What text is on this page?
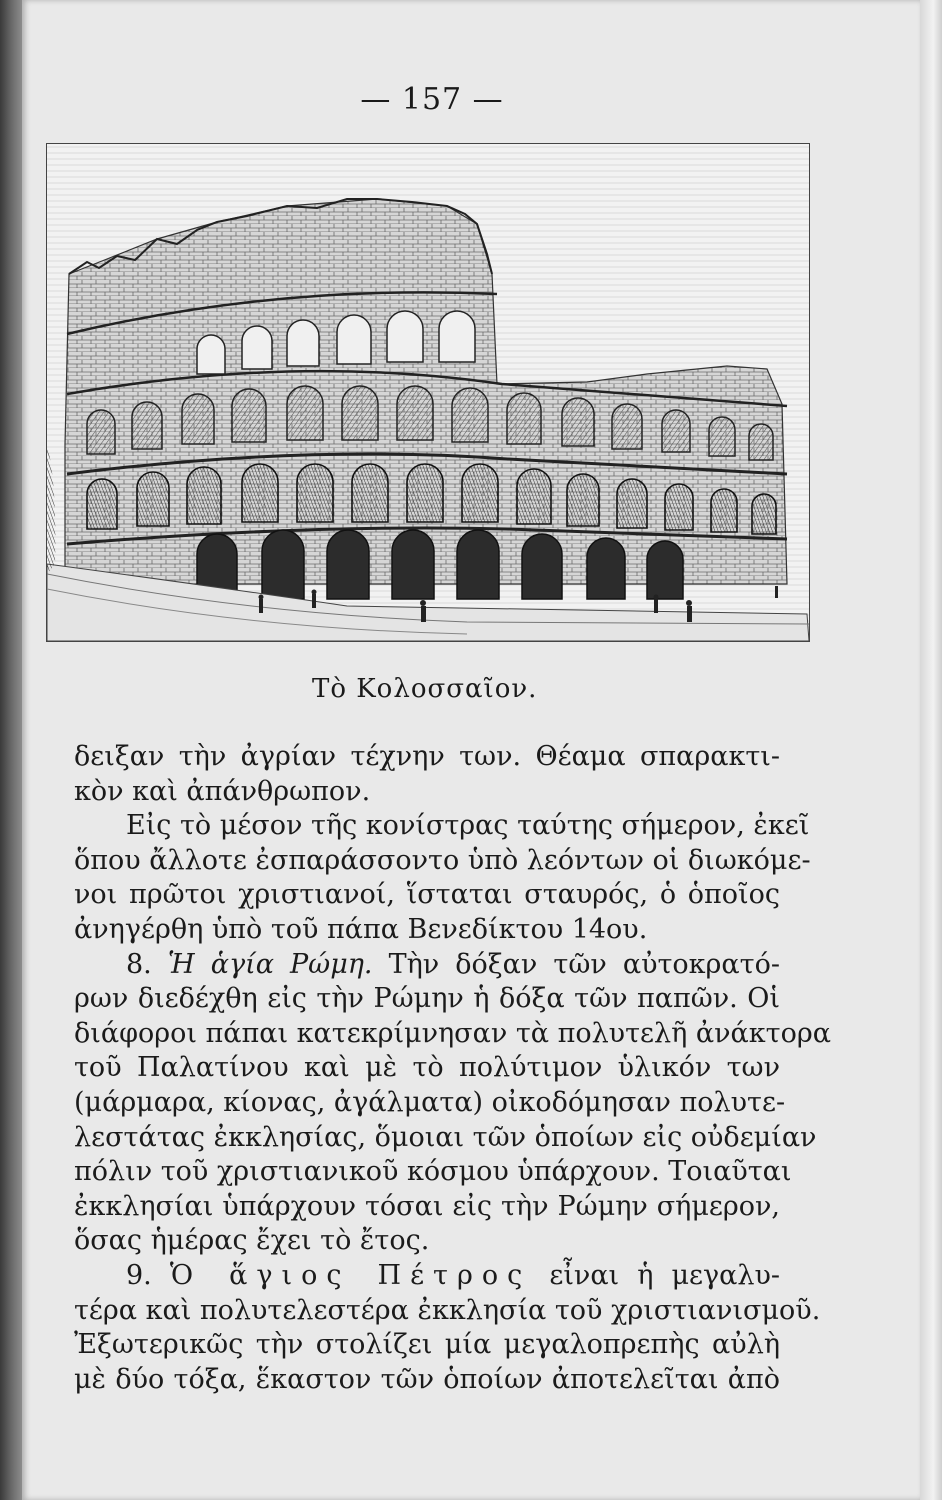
— 157 —
Τὸ Κολοσσαῖον.
δειξαν τὴν ἀγρίαν τέχνην των. Θέαμα σπαρακτι-
κὸν καὶ ἀπάνθρωπον.
Εἰς τὸ μέσον τῆς κονίστρας ταύτης σήμερον, ἐκεῖ
ὅπου ἄλλοτε ἐσπαράσσοντο ὑπὸ λεόντων οἱ διωκόμε-
νοι πρῶτοι χριστιανοί, ἵσταται σταυρός, ὁ ὁποῖος
ἀνηγέρθη ὑπὸ τοῦ πάπα Βενεδίκτου 14ου.
8. Ἡ ἁγία Ρώμη. Τὴν δόξαν τῶν αὐτοκρατό-
ρων διεδέχθη εἰς τὴν Ρώμην ἡ δόξα τῶν παπῶν. Οἱ
διάφοροι πάπαι κατεκρίμνησαν τὰ πολυτελῆ ἀνάκτορα
τοῦ Παλατίνου καὶ μὲ τὸ πολύτιμον ὑλικόν των
(μάρμαρα, κίονας, ἀγάλματα) οἰκοδόμησαν πολυτε-
λεστάτας ἐκκλησίας, ὅμοιαι τῶν ὁποίων εἰς οὐδεμίαν
πόλιν τοῦ χριστιανικοῦ κόσμου ὑπάρχουν. Τοιαῦται
ἐκκλησίαι ὑπάρχουν τόσαι εἰς τὴν Ρώμην σήμερον,
ὅσας ἡμέρας ἔχει τὸ ἔτος.
9. Ὁ ἅγιος Πέτρος εἶναι ἡ μεγαλυ-
τέρα καὶ πολυτελεστέρα ἐκκλησία τοῦ χριστιανισμοῦ.
Ἐξωτερικῶς τὴν στολίζει μία μεγαλοπρεπὴς αὐλὴ
μὲ δύο τόξα, ἕκαστον τῶν ὁποίων ἀποτελεῖται ἀπὸ
